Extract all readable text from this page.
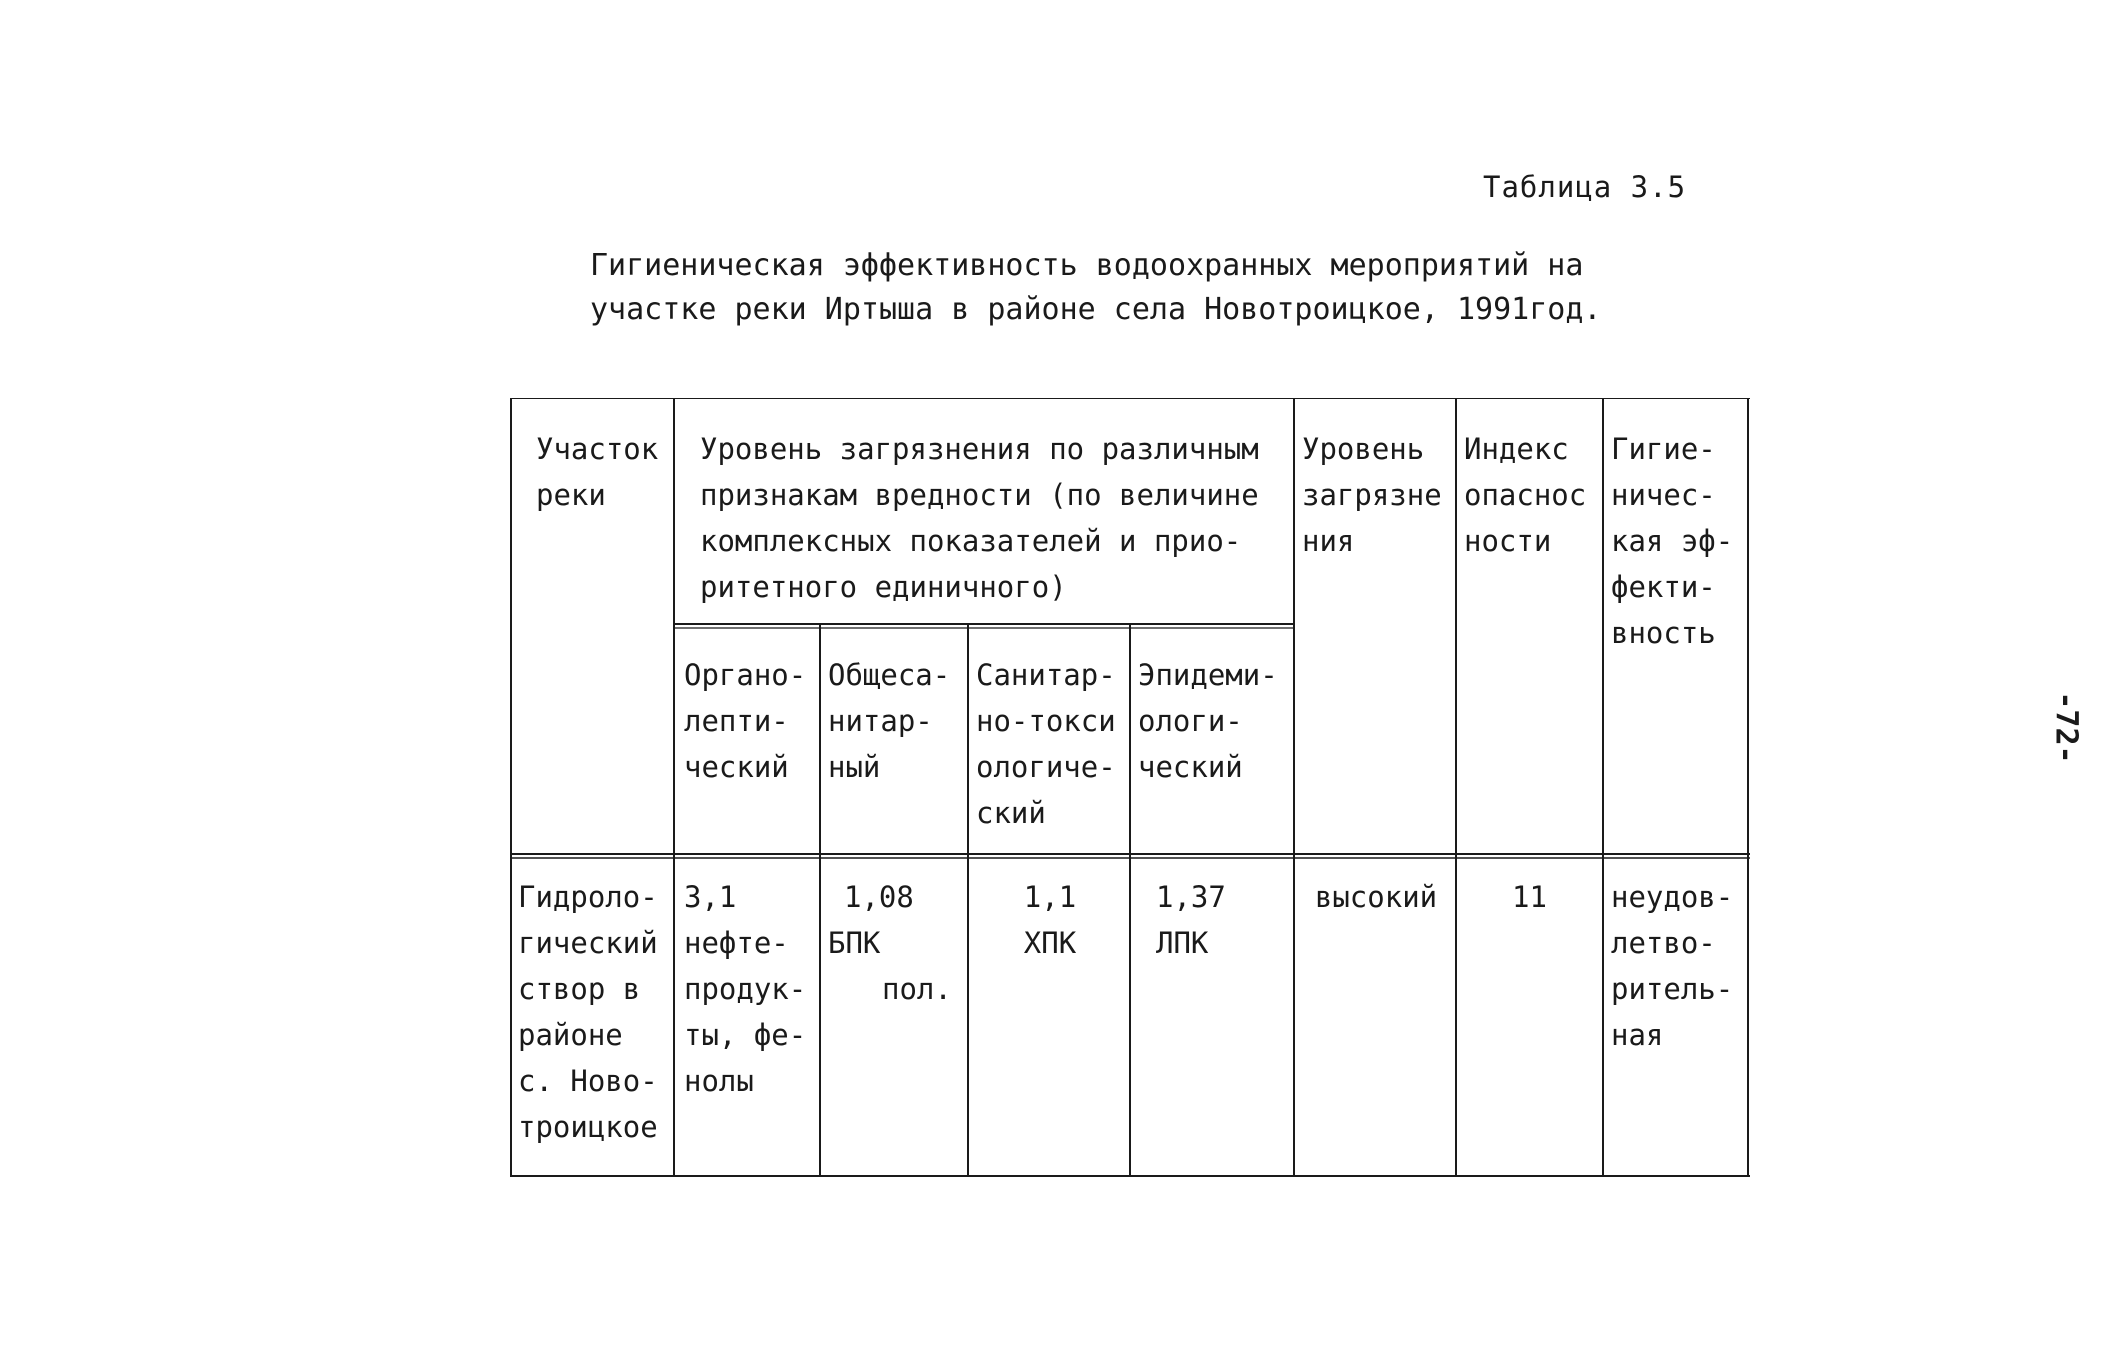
Таблица 3.5
Гигиеническая эффективность водоохранных мероприятий на
участке реки Иртыша в районе села Новотроицкое, 1991год.
-72-
Участок
реки
Уровень загрязнения по различным
признакам вредности (по величине
комплексных показателей и прио-
ритетного единичного)
Органо-
лепти-
ческий
Общеса-
нитар-
ный
Санитар-
но-токси
ологиче-
ский
Эпидеми-
ологи-
ческий
Уровень
загрязне
ния
Индекс
опаснос
ности
Гигие-
ничес-
кая эф-
фекти-
вность
Гидроло-
гический
створ в
районе
с. Ново-
троицкое
3,1
нефте-
продук-
ты, фе-
нолы
1,08
БПК
пол.
1,1
ХПК
1,37
ЛПК
высокий	11	неудов-
летво-
ритель-
ная
